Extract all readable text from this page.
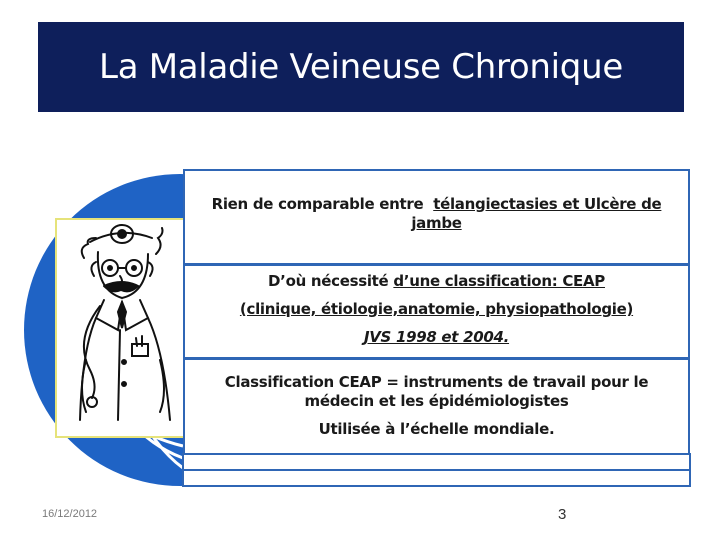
La Maladie Veineuse Chronique

Rien de comparable entre télangiectasies et Ulcère de jambe

D’où nécessité d’une classification: CEAP

(clinique, étiologie,anatomie, physiopathologie)

JVS 1998 et 2004.

Classification CEAP = instruments de travail pour le médecin et les épidémiologistes

Utilisée à l’échelle mondiale.

16/12/2012	3
